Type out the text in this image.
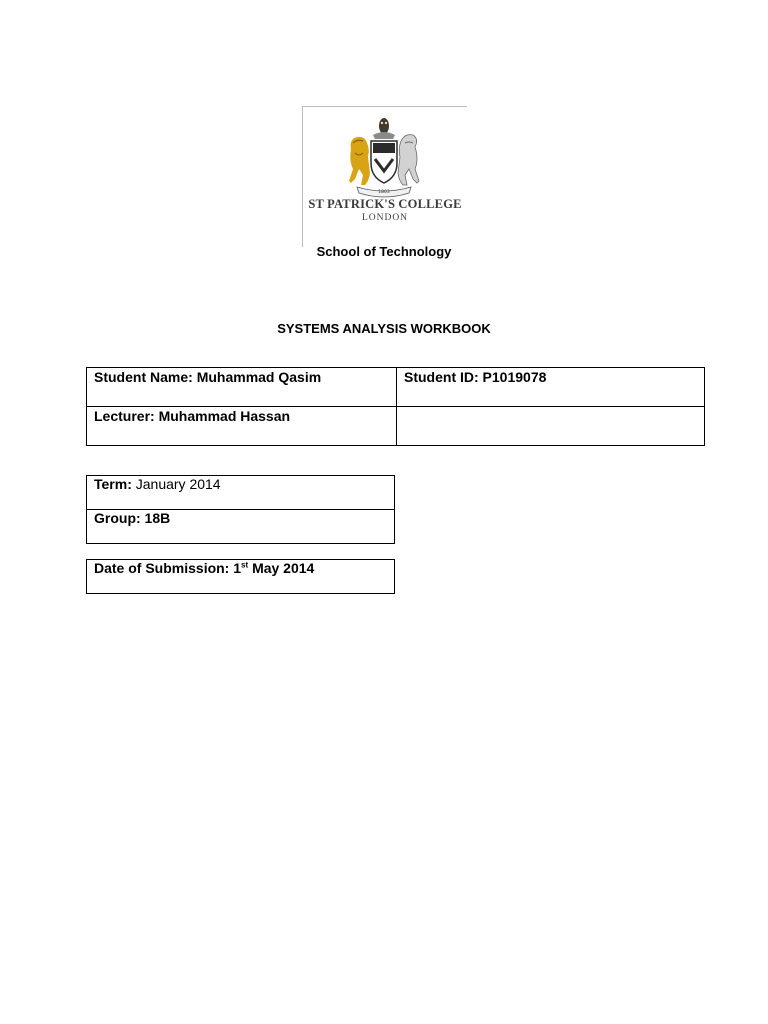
1803
ST PATRICK'S COLLEGE
LONDON
School of Technology
SYSTEMS ANALYSIS WORKBOOK
Student Name: Muhammad Qasim	Student ID: P1019078
Lecturer: Muhammad Hassan	
Term: January 2014
Group: 18B
Date of Submission: 1st May 2014
